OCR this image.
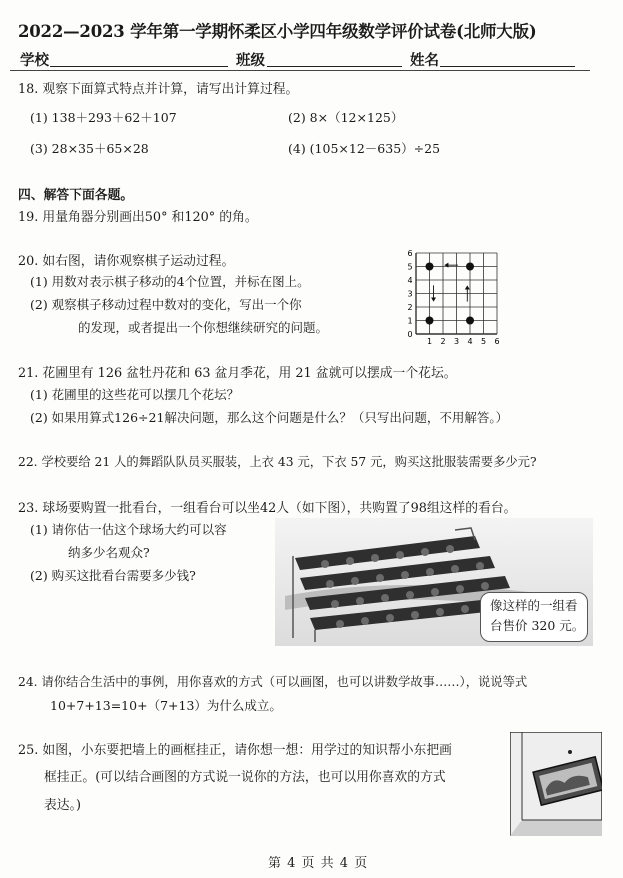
2022—2023 学年第一学期怀柔区小学四年级数学评价试卷(北师大版)
学校	班级	姓名
18. 观察下面算式特点并计算，请写出计算过程。
(1) 138＋293＋62＋107	(2) 8×（12×125）
(3) 28×35＋65×28	(4) (105×12－635）÷25
四、解答下面各题。
19. 用量角器分别画出50° 和120° 的角。
20. 如右图，请你观察棋子运动过程。
(1) 用数对表示棋子移动的4个位置，并标在图上。
(2) 观察棋子移动过程中数对的变化，写出一个你
的发现，或者提出一个你想继续研究的问题。
1 2 3 4 5 6
0
1
2
3
4
5
6
21. 花圃里有 126 盆牡丹花和 63 盆月季花，用 21 盆就可以摆成一个花坛。
(1) 花圃里的这些花可以摆几个花坛？
(2) 如果用算式126÷21解决问题，那么这个问题是什么？（只写出问题，不用解答。）
22. 学校要给 21 人的舞蹈队队员买服装，上衣 43 元，下衣 57 元，购买这批服装需要多少元?
23. 球场要购置一批看台，一组看台可以坐42人（如下图），共购置了98组这样的看台。
(1) 请你估一估这个球场大约可以容
纳多少名观众?
(2) 购买这批看台需要多少钱?
像这样的一组看
台售价 320 元。
24. 请你结合生活中的事例，用你喜欢的方式（可以画图，也可以讲数学故事……），说说等式
10+7+13=10+（7+13）为什么成立。
25. 如图，小东要把墙上的画框挂正，请你想一想：用学过的知识帮小东把画
框挂正。(可以结合画图的方式说一说你的方法，也可以用你喜欢的方式
表达。)
第 4 页 共 4 页
